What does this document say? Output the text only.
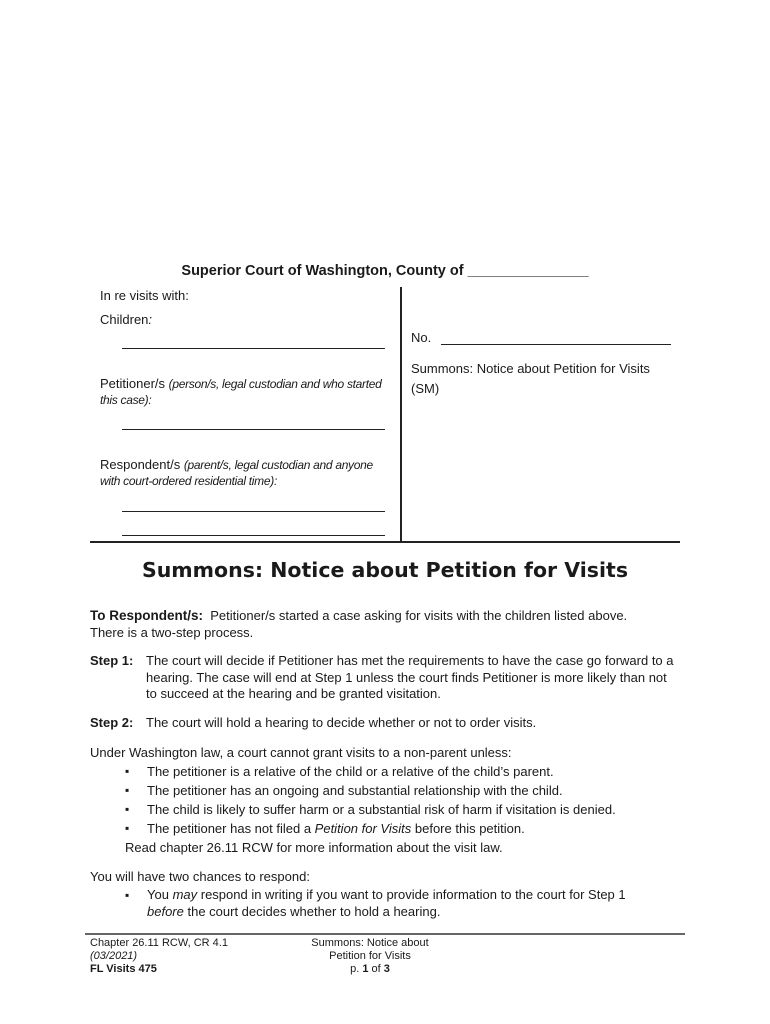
Superior Court of Washington, County of _______________
In re visits with:
Children:
Petitioner/s (person/s, legal custodian and who started this case):
Respondent/s (parent/s, legal custodian and anyone with court-ordered residential time):
No.
Summons: Notice about Petition for Visits
(SM)
Summons: Notice about Petition for Visits
To Respondent/s: Petitioner/s started a case asking for visits with the children listed above.
There is a two-step process.
Step 1: The court will decide if Petitioner has met the requirements to have the case go forward to a hearing. The case will end at Step 1 unless the court finds Petitioner is more likely than not to succeed at the hearing and be granted visitation.
Step 2: The court will hold a hearing to decide whether or not to order visits.
Under Washington law, a court cannot grant visits to a non-parent unless:
▪ The petitioner is a relative of the child or a relative of the child’s parent.
▪ The petitioner has an ongoing and substantial relationship with the child.
▪ The child is likely to suffer harm or a substantial risk of harm if visitation is denied.
▪ The petitioner has not filed a Petition for Visits before this petition.
Read chapter 26.11 RCW for more information about the visit law.
You will have two chances to respond:
▪ You may respond in writing if you want to provide information to the court for Step 1
before the court decides whether to hold a hearing.
Chapter 26.11 RCW, CR 4.1
(03/2021)
FL Visits 475
Summons: Notice about
Petition for Visits
p. 1 of 3
